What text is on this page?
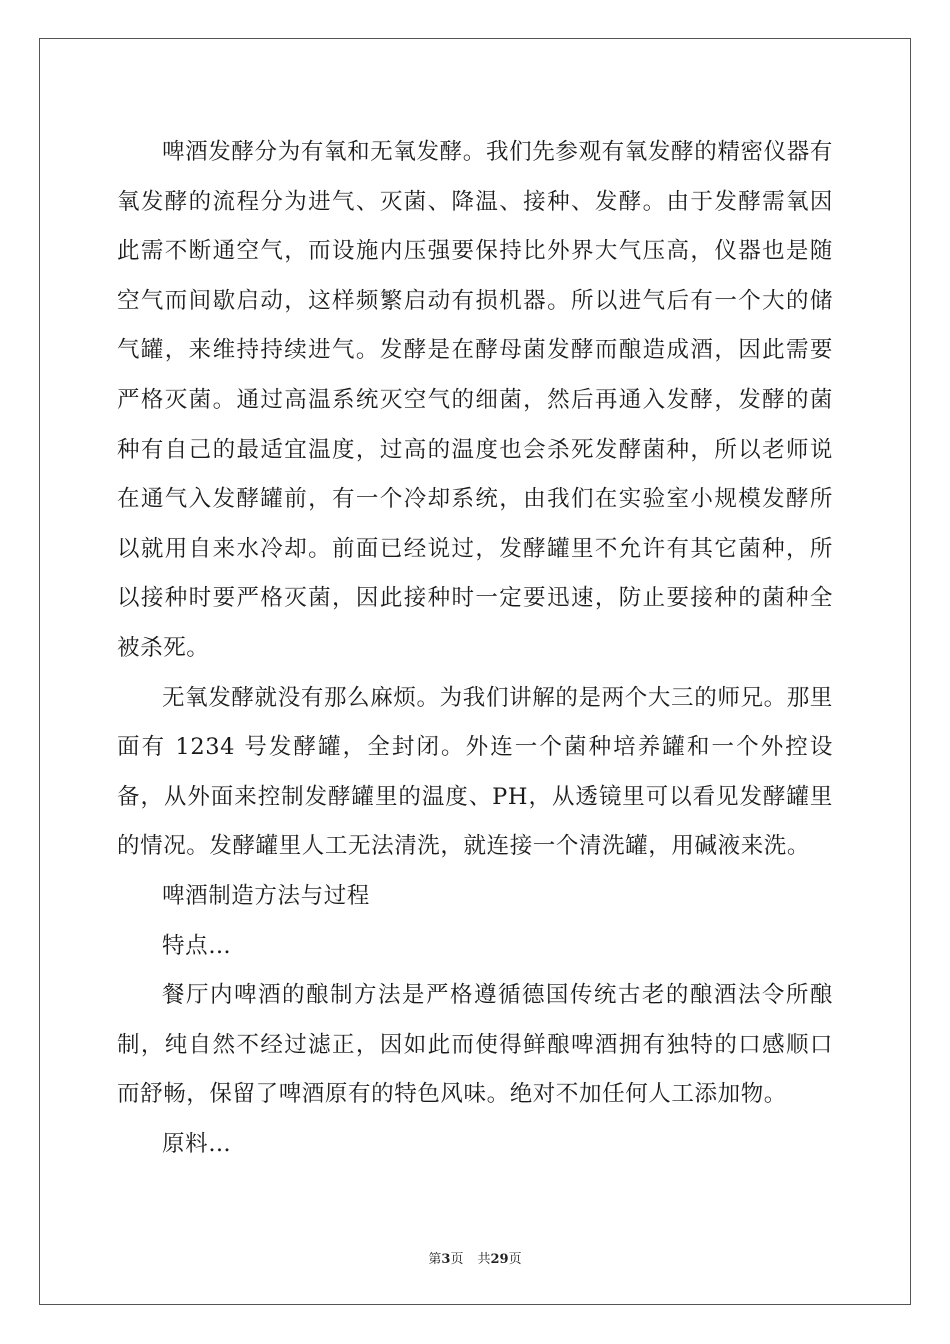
啤酒发酵分为有氧和无氧发酵。我们先参观有氧发酵的精密仪器有氧发酵的流程分为进气、灭菌、降温、接种、发酵。由于发酵需氧因此需不断通空气，而设施内压强要保持比外界大气压高，仪器也是随空气而间歇启动，这样频繁启动有损机器。所以进气后有一个大的储气罐，来维持持续进气。发酵是在酵母菌发酵而酿造成酒，因此需要严格灭菌。通过高温系统灭空气的细菌，然后再通入发酵，发酵的菌种有自己的最适宜温度，过高的温度也会杀死发酵菌种，所以老师说在通气入发酵罐前，有一个冷却系统，由我们在实验室小规模发酵所以就用自来水冷却。前面已经说过，发酵罐里不允许有其它菌种，所以接种时要严格灭菌，因此接种时一定要迅速，防止要接种的菌种全被杀死。

无氧发酵就没有那么麻烦。为我们讲解的是两个大三的师兄。那里面有 1234 号发酵罐，全封闭。外连一个菌种培养罐和一个外控设备，从外面来控制发酵罐里的温度、PH，从透镜里可以看见发酵罐里的情况。发酵罐里人工无法清洗，就连接一个清洗罐，用碱液来洗。

啤酒制造方法与过程

特点…

餐厅内啤酒的酿制方法是严格遵循德国传统古老的酿酒法令所酿制，纯自然不经过滤正，因如此而使得鲜酿啤酒拥有独特的口感顺口而舒畅，保留了啤酒原有的特色风味。绝对不加任何人工添加物。

原料…

第3页 共29页
